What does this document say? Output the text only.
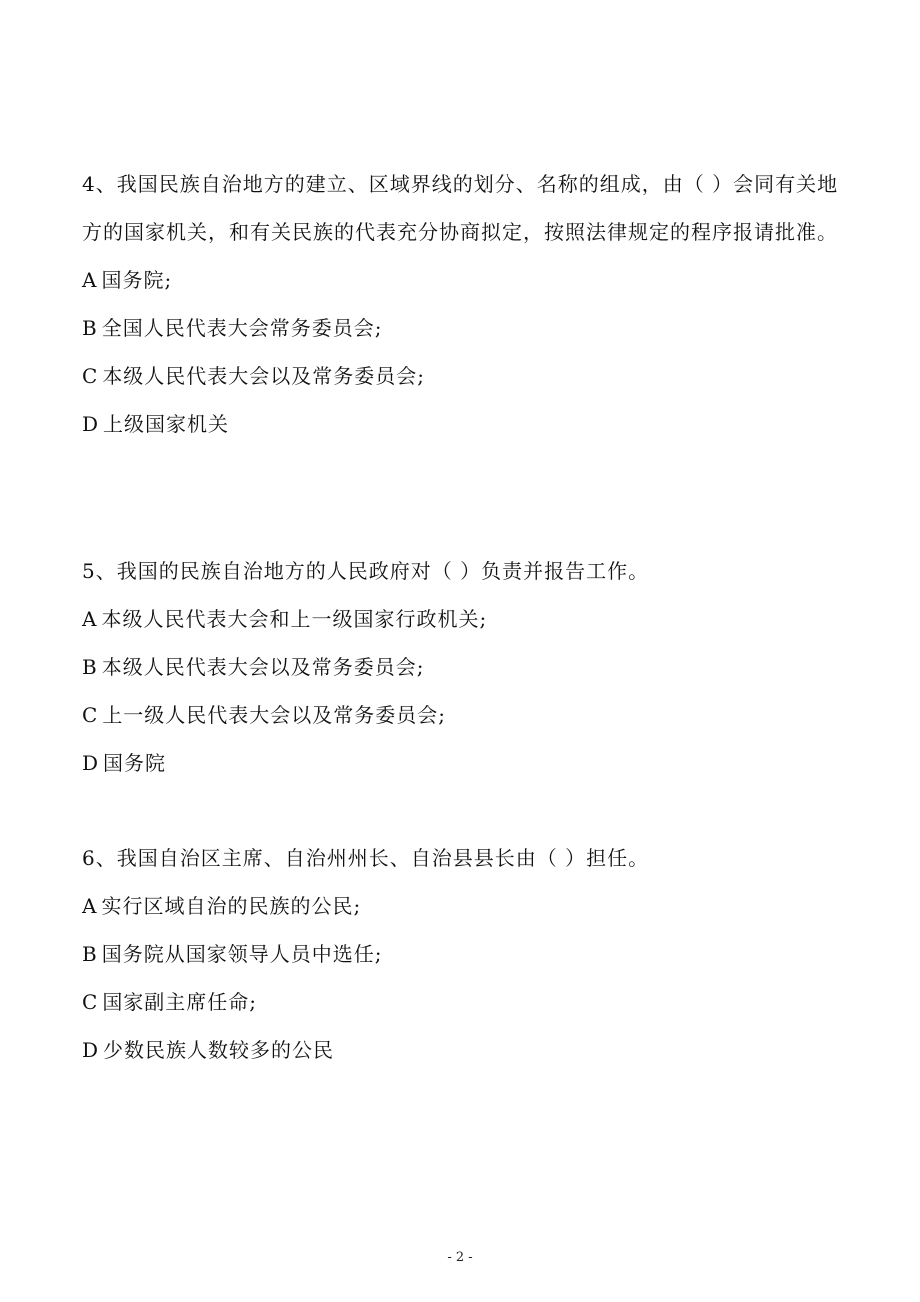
4、我国民族自治地方的建立、区域界线的划分、名称的组成，由（ ）会同有关地方的国家机关，和有关民族的代表充分协商拟定，按照法律规定的程序报请批准。

A 国务院;

B 全国人民代表大会常务委员会;

C 本级人民代表大会以及常务委员会;

D 上级国家机关

5、我国的民族自治地方的人民政府对（ ）负责并报告工作。

A 本级人民代表大会和上一级国家行政机关;

B 本级人民代表大会以及常务委员会;

C 上一级人民代表大会以及常务委员会;

D 国务院

6、我国自治区主席、自治州州长、自治县县长由（ ）担任。

A 实行区域自治的民族的公民;

B 国务院从国家领导人员中选任;

C 国家副主席任命;

D 少数民族人数较多的公民

- 2 -
